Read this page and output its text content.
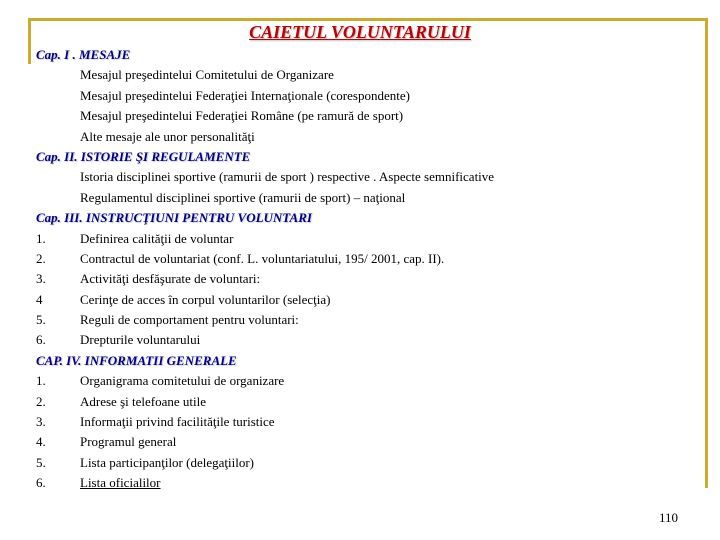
CAIETUL VOLUNTARULUI
Cap. I . MESAJE
Mesajul preşedintelui Comitetului de Organizare
Mesajul preşedintelui Federaţiei Internaţionale (corespondente)
Mesajul preşedintelui Federaţiei Române (pe ramură de sport)
Alte mesaje ale unor personalităţi
Cap. II. ISTORIE ŞI REGULAMENTE
Istoria disciplinei sportive (ramurii de sport ) respective . Aspecte semnificative
Regulamentul disciplinei sportive (ramurii de sport) – naţional
Cap. III. INSTRUCŢIUNI PENTRU VOLUNTARI
1.	Definirea calităţii de voluntar
2.	Contractul de voluntariat (conf. L. voluntariatului, 195/ 2001, cap. II).
3.	Activităţi desfăşurate de voluntari:
4	Cerinţe de acces în corpul voluntarilor (selecţia)
5.	Reguli de comportament pentru voluntari:
6.	Drepturile voluntarului
CAP. IV. INFORMATII GENERALE
1.	Organigrama comitetului de organizare
2.	Adrese şi telefoane utile
3.	Informaţii privind facilităţile turistice
4.	Programul general
5.	Lista participanţilor (delegaţiilor)
6.	Lista oficialilor
110
